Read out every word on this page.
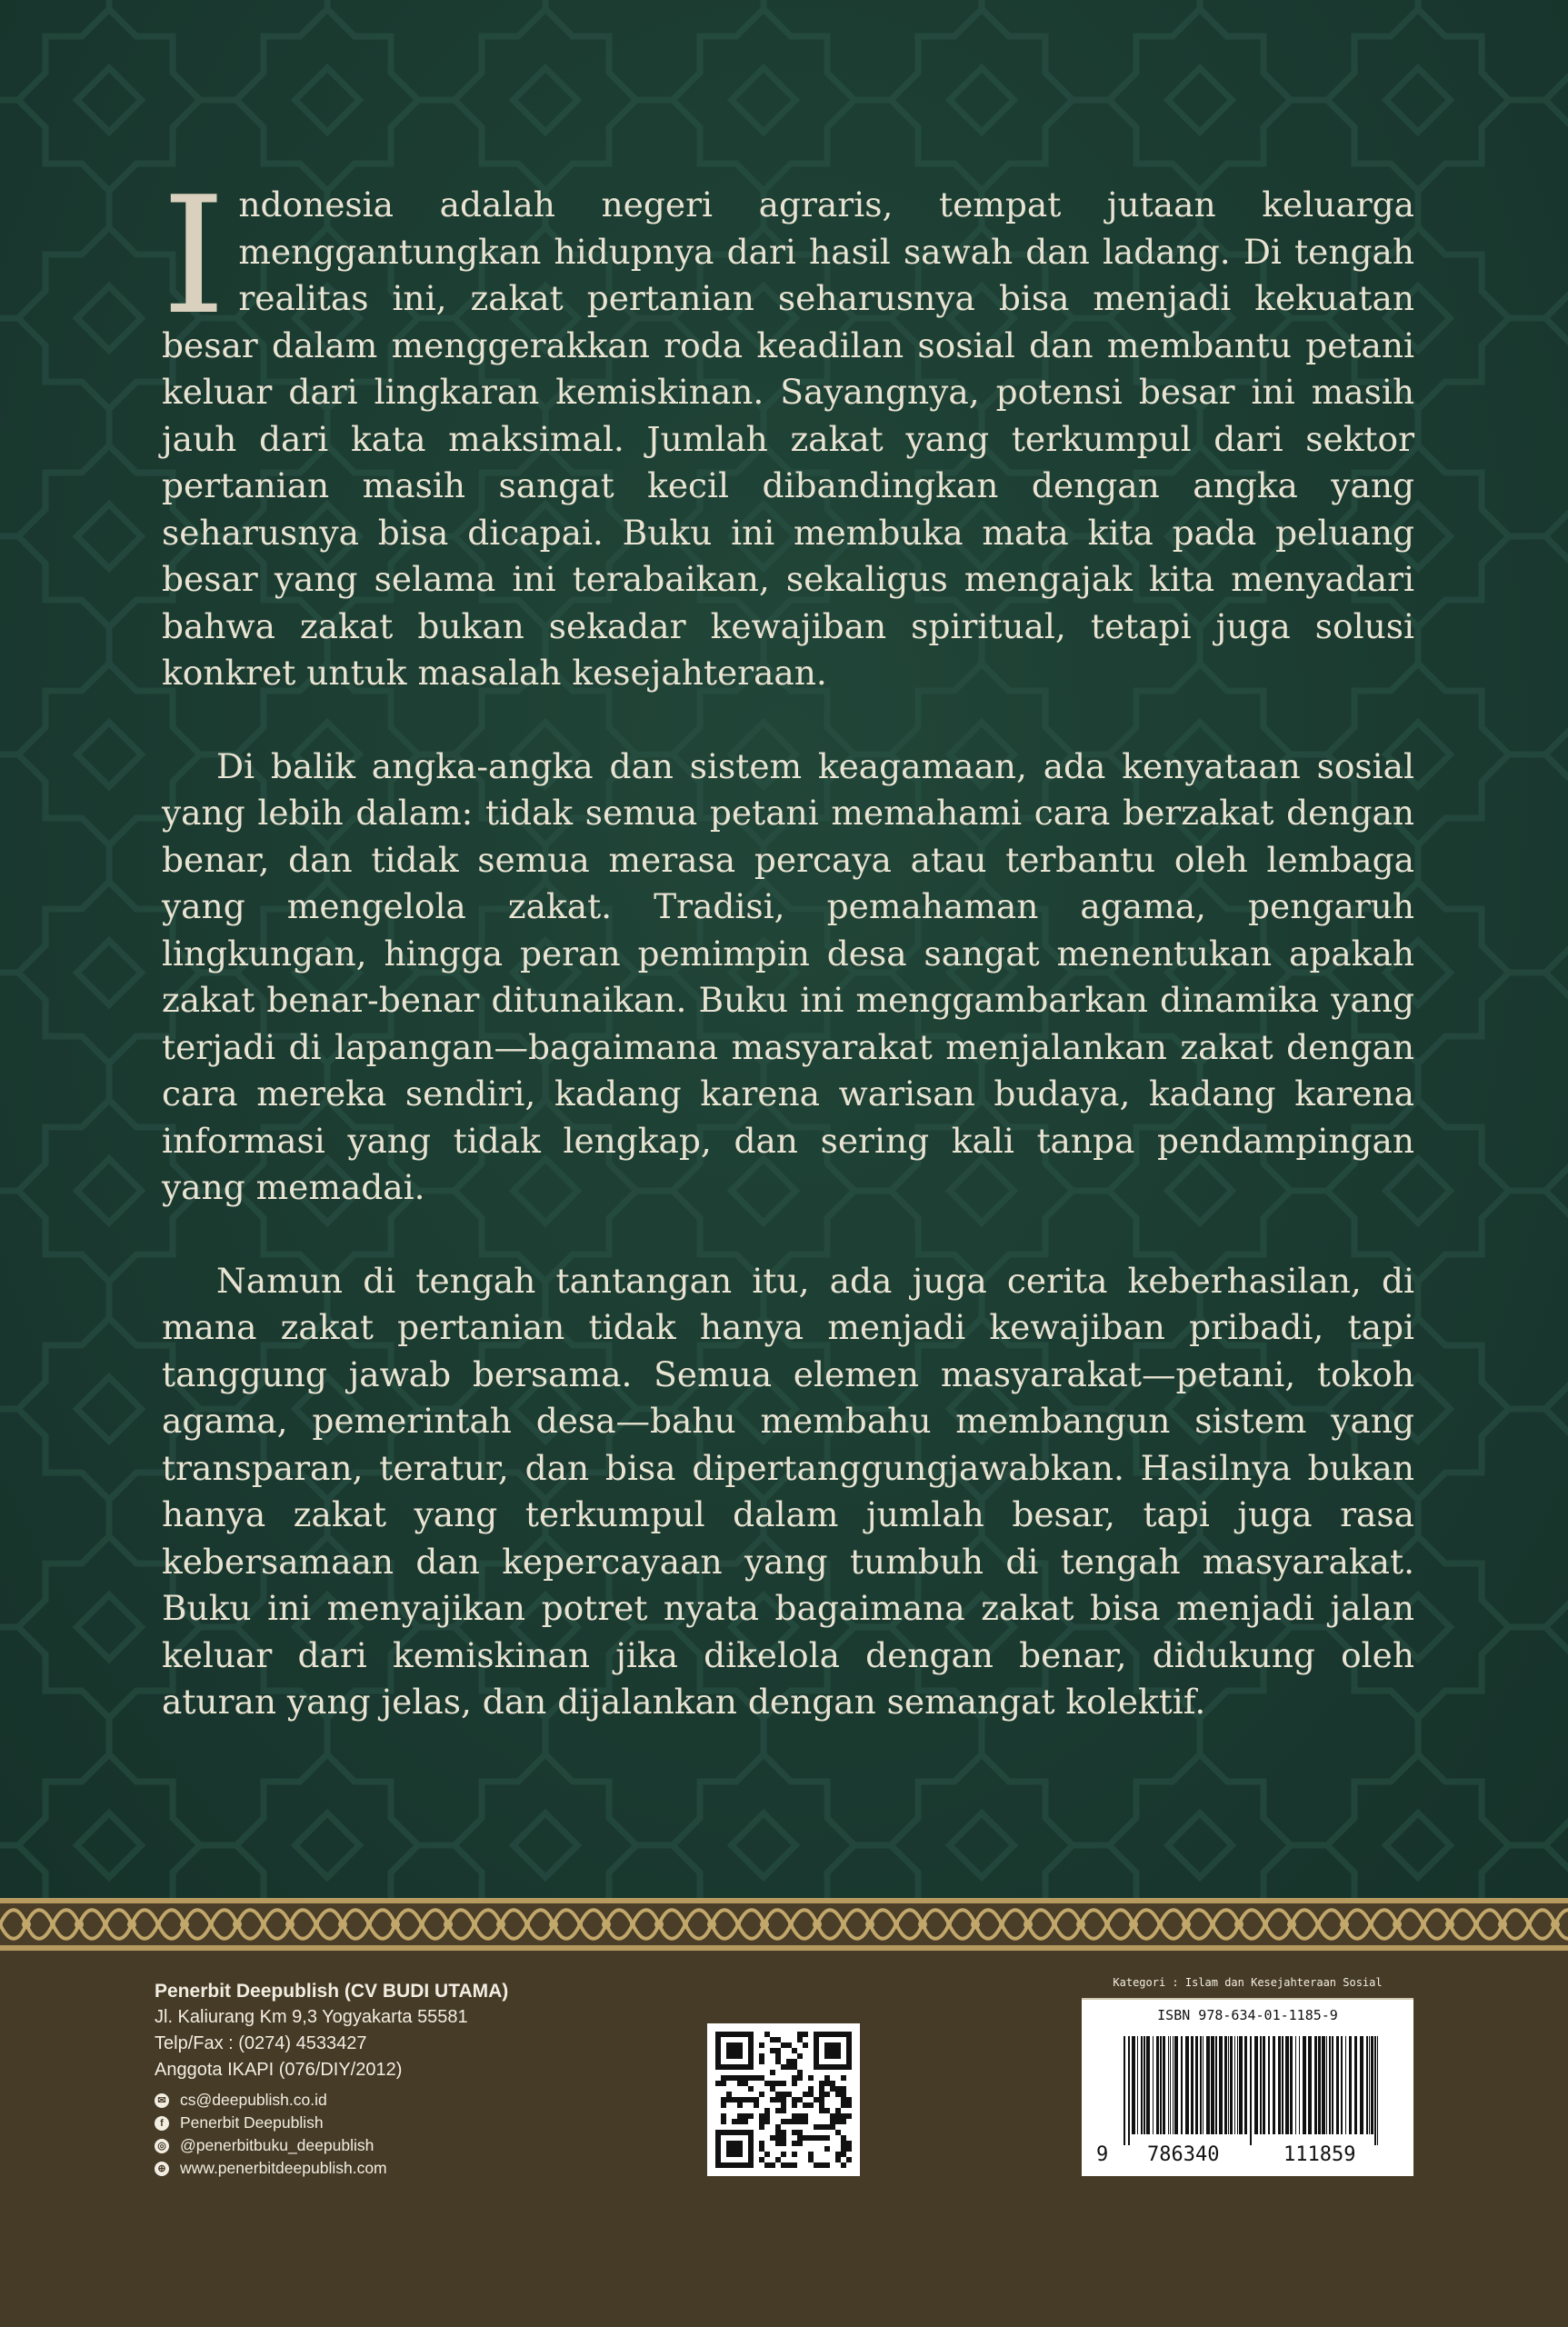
Indonesia adalah negeri agraris, tempat jutaan keluarga menggantungkan hidupnya dari hasil sawah dan ladang. Di tengah realitas ini, zakat pertanian seharusnya bisa menjadi kekuatan besar dalam menggerakkan roda keadilan sosial dan membantu petani keluar dari lingkaran kemiskinan. Sayangnya, potensi besar ini masih jauh dari kata maksimal. Jumlah zakat yang terkumpul dari sektor pertanian masih sangat kecil dibandingkan dengan angka yang seharusnya bisa dicapai. Buku ini membuka mata kita pada peluang besar yang selama ini terabaikan, sekaligus mengajak kita menyadari bahwa zakat bukan sekadar kewajiban spiritual, tetapi juga solusi konkret untuk masalah kesejahteraan.

Di balik angka-angka dan sistem keagamaan, ada kenyataan sosial yang lebih dalam: tidak semua petani memahami cara berzakat dengan benar, dan tidak semua merasa percaya atau terbantu oleh lembaga yang mengelola zakat. Tradisi, pemahaman agama, pengaruh lingkungan, hingga peran pemimpin desa sangat menentukan apakah zakat benar-benar ditunaikan. Buku ini menggambarkan dinamika yang terjadi di lapangan—bagaimana masyarakat menjalankan zakat dengan cara mereka sendiri, kadang karena warisan budaya, kadang karena informasi yang tidak lengkap, dan sering kali tanpa pendampingan yang memadai.

Namun di tengah tantangan itu, ada juga cerita keberhasilan, di mana zakat pertanian tidak hanya menjadi kewajiban pribadi, tapi tanggung jawab bersama. Semua elemen masyarakat—petani, tokoh agama, pemerintah desa—bahu membahu membangun sistem yang transparan, teratur, dan bisa dipertanggungjawabkan. Hasilnya bukan hanya zakat yang terkumpul dalam jumlah besar, tapi juga rasa kebersamaan dan kepercayaan yang tumbuh di tengah masyarakat. Buku ini menyajikan potret nyata bagaimana zakat bisa menjadi jalan keluar dari kemiskinan jika dikelola dengan benar, didukung oleh aturan yang jelas, dan dijalankan dengan semangat kolektif.

Penerbit Deepublish (CV BUDI UTAMA)
Jl. Kaliurang Km 9,3 Yogyakarta 55581
Telp/Fax : (0274) 4533427
Anggota IKAPI (076/DIY/2012)
✉ cs@deepublish.co.id
f	Penerbit Deepublish
◎ @penerbitbuku_deepublish
⊕ www.penerbitdeepublish.com
Kategori : Islam dan Kesejahteraan Sosial
ISBN 978-634-01-1185-9
9 786340	111859
